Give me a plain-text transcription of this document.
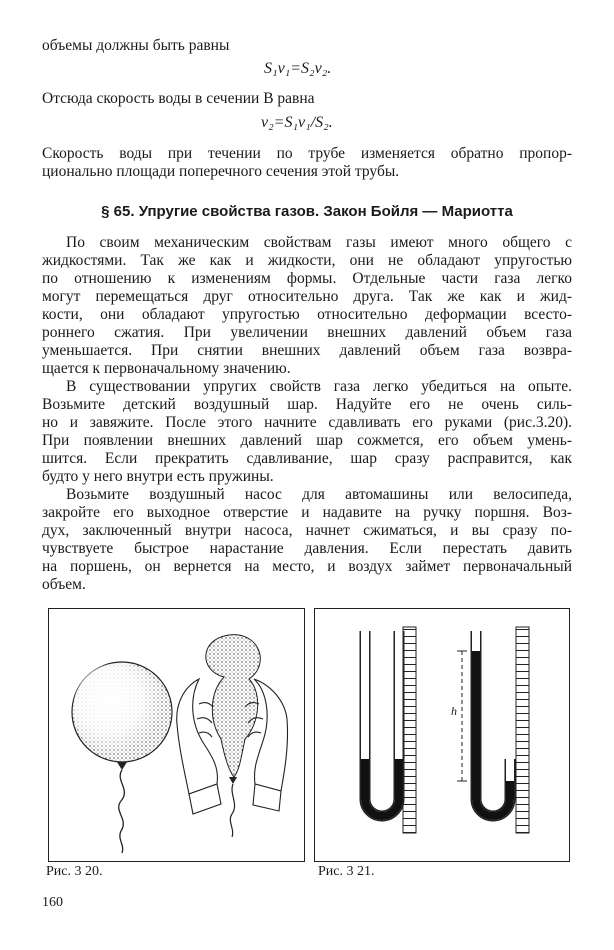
объемы должны быть равны
S₁v₁=S₂v₂.
Отсюда скорость воды в сечении B равна
v₂=S₁v₁/S₂.
Скорость воды при течении по трубе изменяется обратно пропор-
ционально площади поперечного сечения этой трубы.
§ 65. Упругие свойства газов. Закон Бойля — Мариотта
По своим механическим свойствам газы имеют много общего с
жидкостями. Так же как и жидкости, они не обладают упругостью
по отношению к изменениям формы. Отдельные части газа легко
могут перемещаться друг относительно друга. Так же как и жид-
кости, они обладают упругостью относительно деформации всесто-
роннего сжатия. При увеличении внешних давлений объем газа
уменьшается. При снятии внешних давлений объем газа возвра-
щается к первоначальному значению.
В существовании упругих свойств газа легко убедиться на опыте.
Возьмите детский воздушный шар. Надуйте его не очень силь-
но и завяжите. После этого начните сдавливать его руками (рис.3.20).
При появлении внешних давлений шар сожмется, его объем умень-
шится. Если прекратить сдавливание, шар сразу расправится, как
будто у него внутри есть пружины.
Возьмите воздушный насос для автомашины или велосипеда,
закройте его выходное отверстие и надавите на ручку поршня. Воз-
дух, заключенный внутри насоса, начнет сжиматься, и вы сразу по-
чувствуете быстрое нарастание давления. Если перестать давить
на поршень, он вернется на место, и воздух займет первоначальный
объем.
Рис. 3 20.
h
Рис. 3 21.
160
